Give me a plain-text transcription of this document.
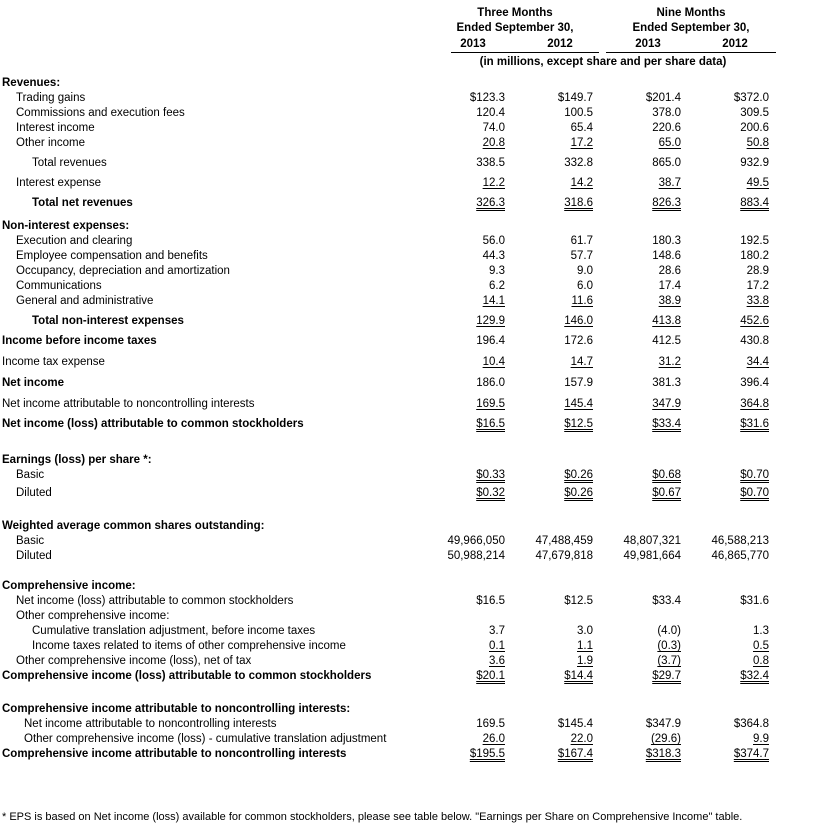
Three Months
Ended September 30,
Nine Months
Ended September 30,
2013	2012	2013	2012
(in millions, except share and per share data)
Revenues:
Trading gains	$123.3	$149.7	$201.4	$372.0
Commissions and execution fees	120.4	100.5	378.0	309.5
Interest income	74.0	65.4	220.6	200.6
Other income	20.8	17.2	65.0	50.8
Total revenues	338.5	332.8	865.0	932.9
Interest expense	12.2	14.2	38.7	49.5
Total net revenues	326.3	318.6	826.3	883.4
Non-interest expenses:
Execution and clearing	56.0	61.7	180.3	192.5
Employee compensation and benefits	44.3	57.7	148.6	180.2
Occupancy, depreciation and amortization	9.3	9.0	28.6	28.9
Communications	6.2	6.0	17.4	17.2
General and administrative	14.1	11.6	38.9	33.8
Total non-interest expenses	129.9	146.0	413.8	452.6
Income before income taxes	196.4	172.6	412.5	430.8
Income tax expense	10.4	14.7	31.2	34.4
Net income	186.0	157.9	381.3	396.4
Net income attributable to noncontrolling interests	169.5	145.4	347.9	364.8
Net income (loss) attributable to common stockholders	$16.5	$12.5	$33.4	$31.6
Earnings (loss) per share *:
Basic	$0.33	$0.26	$0.68	$0.70
Diluted	$0.32	$0.26	$0.67	$0.70
Weighted average common shares outstanding:
Basic	49,966,050	47,488,459	48,807,321	46,588,213
Diluted	50,988,214	47,679,818	49,981,664	46,865,770
Comprehensive income:
Net income (loss) attributable to common stockholders	$16.5	$12.5	$33.4	$31.6
Other comprehensive income:
Cumulative translation adjustment, before income taxes	3.7	3.0	(4.0)	1.3
Income taxes related to items of other comprehensive income	0.1	1.1	(0.3)	0.5
Other comprehensive income (loss), net of tax	3.6	1.9	(3.7)	0.8
Comprehensive income (loss) attributable to common stockholders	$20.1	$14.4	$29.7	$32.4
Comprehensive income attributable to noncontrolling interests:
Net income attributable to noncontrolling interests	169.5	$145.4	$347.9	$364.8
Other comprehensive income (loss) - cumulative translation adjustment	26.0	22.0	(29.6)	9.9
Comprehensive income attributable to noncontrolling interests	$195.5	$167.4	$318.3	$374.7
* EPS is based on Net income (loss) available for common stockholders, please see table below. "Earnings per Share on Comprehensive Income" table.
